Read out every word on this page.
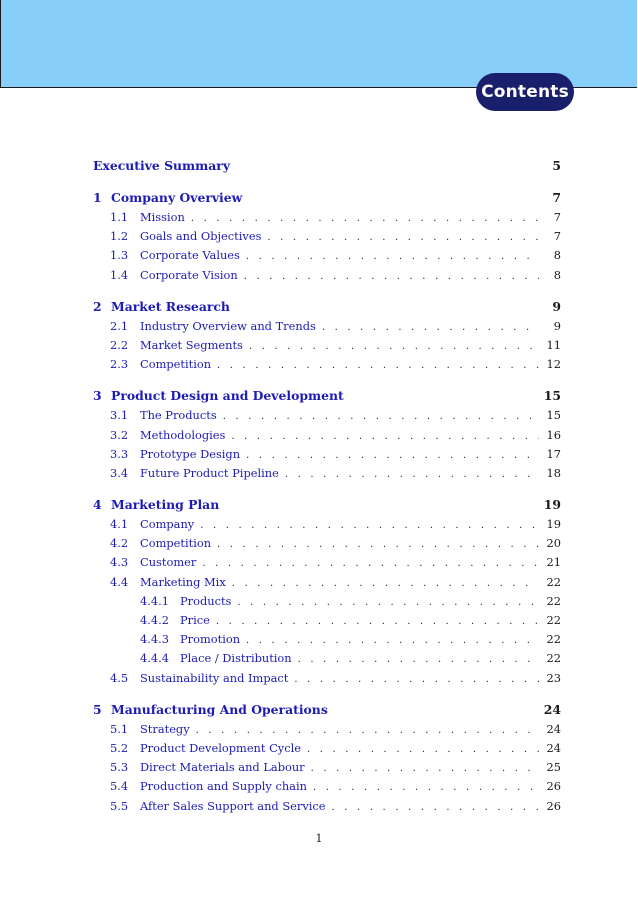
Contents
Executive Summary	5
1 Company Overview	7
1.1	Mission . . .	7
1.2	Goals and Objectives . . .	7
1.3	Corporate Values . . .	8
1.4	Corporate Vision . . .	8
2 Market Research	9
2.1	Industry Overview and Trends . . .	9
2.2	Market Segments . . .	11
2.3	Competition . . .	12
3 Product Design and Development	15
3.1	The Products . . .	15
3.2	Methodologies . . .	16
3.3	Prototype Design . . .	17
3.4	Future Product Pipeline . . .	18
4 Marketing Plan	19
4.1	Company . . .	19
4.2	Competition . . .	20
4.3	Customer . . .	21
4.4	Marketing Mix . . .	22
4.4.1 Products . . .	22
4.4.2 Price . . .	22
4.4.3 Promotion . . .	22
4.4.4 Place / Distribution . . .	22
4.5	Sustainability and Impact . . .	23
5 Manufacturing And Operations	24
5.1	Strategy . . .	24
5.2	Product Development Cycle . . .	24
5.3	Direct Materials and Labour . . .	25
5.4	Production and Supply chain . . .	26
5.5	After Sales Support and Service . . .	26
1
